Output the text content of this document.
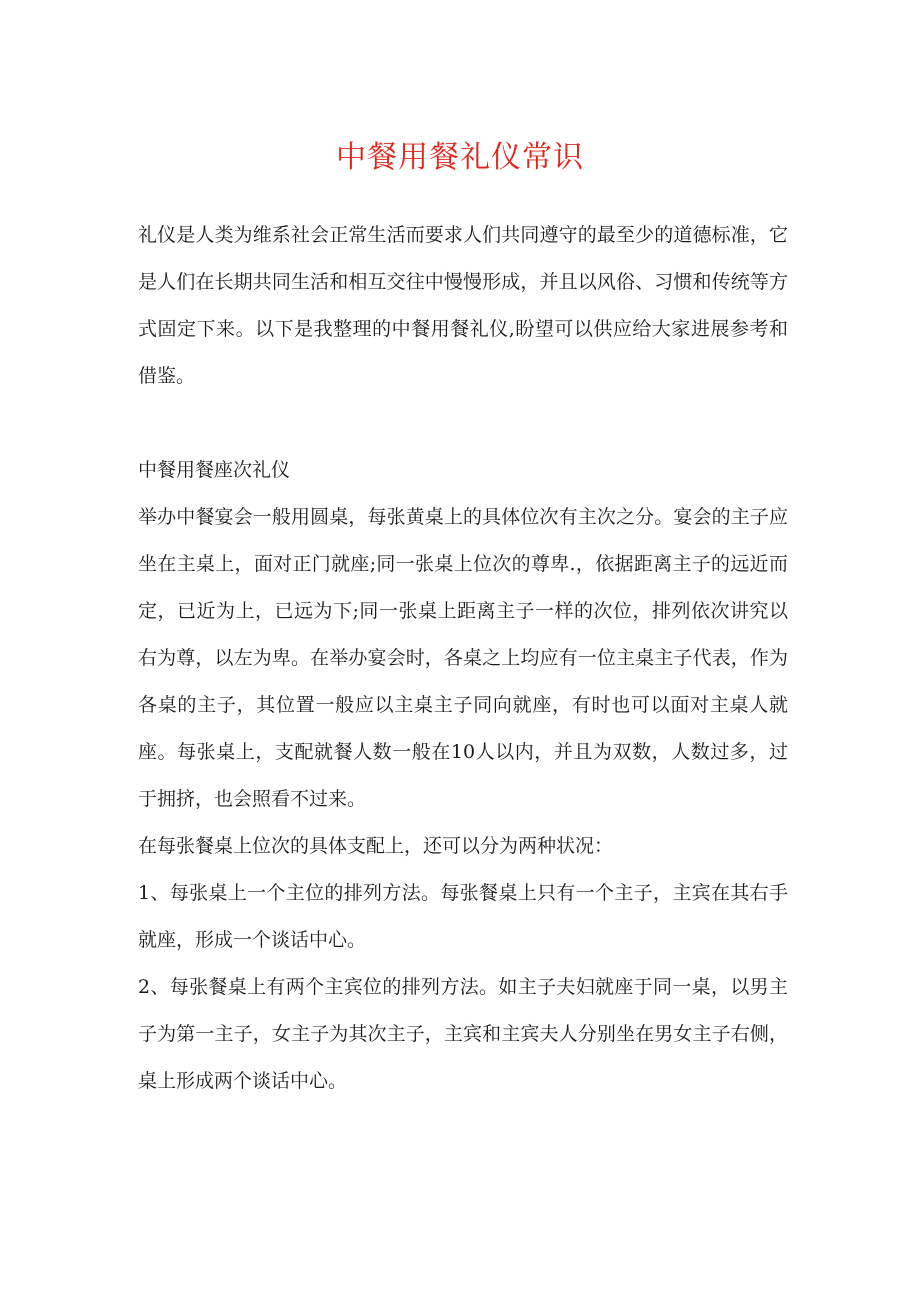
中餐用餐礼仪常识

礼仪是人类为维系社会正常生活而要求人们共同遵守的最至少的道德标准，它是人们在长期共同生活和相互交往中慢慢形成，并且以风俗、习惯和传统等方式固定下来。以下是我整理的中餐用餐礼仪,盼望可以供应给大家进展参考和借鉴。

中餐用餐座次礼仪

举办中餐宴会一般用圆桌，每张黄桌上的具体位次有主次之分。宴会的主子应坐在主桌上，面对正门就座;同一张桌上位次的尊卑.，依据距离主子的远近而定，已近为上，已远为下;同一张桌上距离主子一样的次位，排列依次讲究以右为尊，以左为卑。在举办宴会时，各桌之上均应有一位主桌主子代表，作为各桌的主子，其位置一般应以主桌主子同向就座，有时也可以面对主桌人就座。每张桌上，支配就餐人数一般在10人以内，并且为双数，人数过多，过于拥挤，也会照看不过来。

在每张餐桌上位次的具体支配上，还可以分为两种状况：

1、每张桌上一个主位的排列方法。每张餐桌上只有一个主子，主宾在其右手就座，形成一个谈话中心。

2、每张餐桌上有两个主宾位的排列方法。如主子夫妇就座于同一桌，以男主子为第一主子，女主子为其次主子，主宾和主宾夫人分别坐在男女主子右侧，桌上形成两个谈话中心。
